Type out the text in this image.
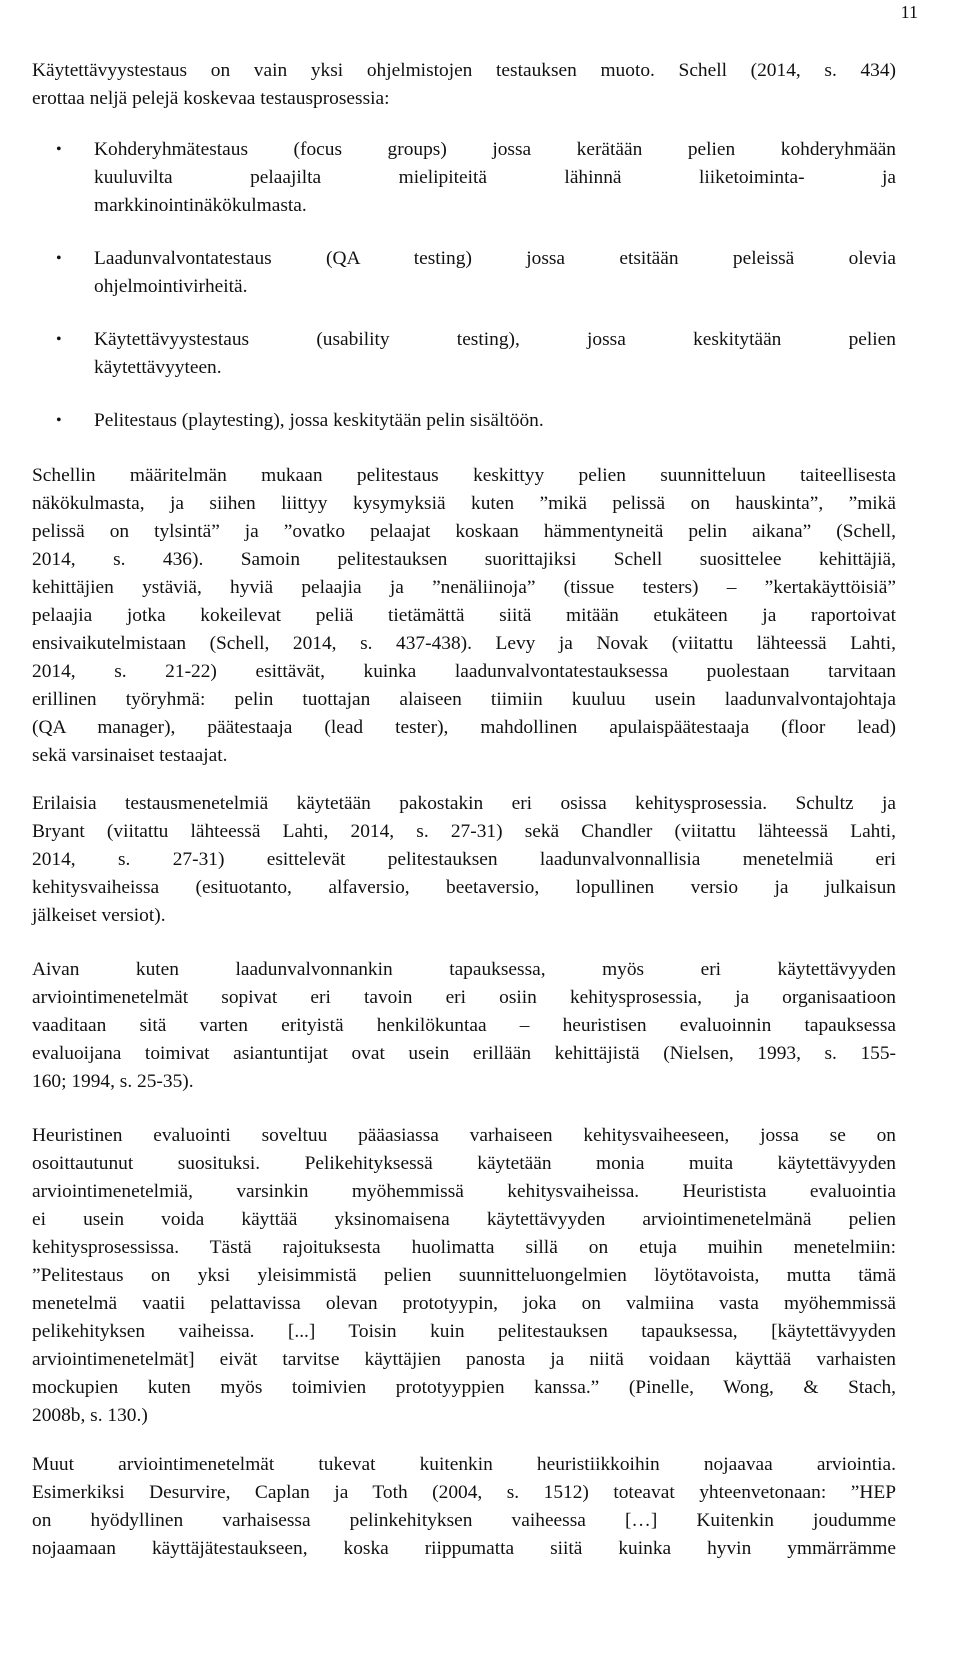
11
Käytettävyystestaus on vain yksi ohjelmistojen testauksen muoto. Schell (2014, s. 434)
erottaa neljä pelejä koskevaa testausprosessia:
•	Kohderyhmätestaus (focus groups) jossa kerätään pelien kohderyhmään
kuuluvilta pelaajilta mielipiteitä lähinnä liiketoiminta- ja
markkinointinäkökulmasta.
•	Laadunvalvontatestaus (QA testing) jossa etsitään peleissä olevia
ohjelmointivirheitä.
•	Käytettävyystestaus (usability testing), jossa keskitytään pelien
käytettävyyteen.
•	Pelitestaus (playtesting), jossa keskitytään pelin sisältöön.
Schellin määritelmän mukaan pelitestaus keskittyy pelien suunnitteluun taiteellisesta
näkökulmasta, ja siihen liittyy kysymyksiä kuten ”mikä pelissä on hauskinta”, ”mikä
pelissä on tylsintä” ja ”ovatko pelaajat koskaan hämmentyneitä pelin aikana” (Schell,
2014, s. 436). Samoin pelitestauksen suorittajiksi Schell suosittelee kehittäjiä,
kehittäjien ystäviä, hyviä pelaajia ja ”nenäliinoja” (tissue testers) – ”kertakäyttöisiä”
pelaajia jotka kokeilevat peliä tietämättä siitä mitään etukäteen ja raportoivat
ensivaikutelmistaan (Schell, 2014, s. 437-438). Levy ja Novak (viitattu lähteessä Lahti,
2014, s. 21-22) esittävät, kuinka laadunvalvontatestauksessa puolestaan tarvitaan
erillinen työryhmä: pelin tuottajan alaiseen tiimiin kuuluu usein laadunvalvontajohtaja
(QA manager), päätestaaja (lead tester), mahdollinen apulaispäätestaaja (floor lead)
sekä varsinaiset testaajat.
Erilaisia testausmenetelmiä käytetään pakostakin eri osissa kehitysprosessia. Schultz ja
Bryant (viitattu lähteessä Lahti, 2014, s. 27-31) sekä Chandler (viitattu lähteessä Lahti,
2014, s. 27-31) esittelevät pelitestauksen laadunvalvonnallisia menetelmiä eri
kehitysvaiheissa (esituotanto, alfaversio, beetaversio, lopullinen versio ja julkaisun
jälkeiset versiot).
Aivan kuten laadunvalvonnankin tapauksessa, myös eri käytettävyyden
arviointimenetelmät sopivat eri tavoin eri osiin kehitysprosessia, ja organisaatioon
vaaditaan sitä varten erityistä henkilökuntaa – heuristisen evaluoinnin tapauksessa
evaluoijana toimivat asiantuntijat ovat usein erillään kehittäjistä (Nielsen, 1993, s. 155-
160; 1994, s. 25-35).
Heuristinen evaluointi soveltuu pääasiassa varhaiseen kehitysvaiheeseen, jossa se on
osoittautunut suosituksi. Pelikehityksessä käytetään monia muita käytettävyyden
arviointimenetelmiä, varsinkin myöhemmissä kehitysvaiheissa. Heuristista evaluointia
ei usein voida käyttää yksinomaisena käytettävyyden arviointimenetelmänä pelien
kehitysprosessissa. Tästä rajoituksesta huolimatta sillä on etuja muihin menetelmiin:
”Pelitestaus on yksi yleisimmistä pelien suunnitteluongelmien löytötavoista, mutta tämä
menetelmä vaatii pelattavissa olevan prototyypin, joka on valmiina vasta myöhemmissä
pelikehityksen vaiheissa. [...] Toisin kuin pelitestauksen tapauksessa, [käytettävyyden
arviointimenetelmät] eivät tarvitse käyttäjien panosta ja niitä voidaan käyttää varhaisten
mockupien kuten myös toimivien prototyyppien kanssa.” (Pinelle, Wong, & Stach,
2008b, s. 130.)
Muut arviointimenetelmät tukevat kuitenkin heuristiikkoihin nojaavaa arviointia.
Esimerkiksi Desurvire, Caplan ja Toth (2004, s. 1512) toteavat yhteenvetonaan: ”HEP
on hyödyllinen varhaisessa pelinkehityksen vaiheessa […] Kuitenkin joudumme
nojaamaan käyttäjätestaukseen, koska riippumatta siitä kuinka hyvin ymmärrämme
